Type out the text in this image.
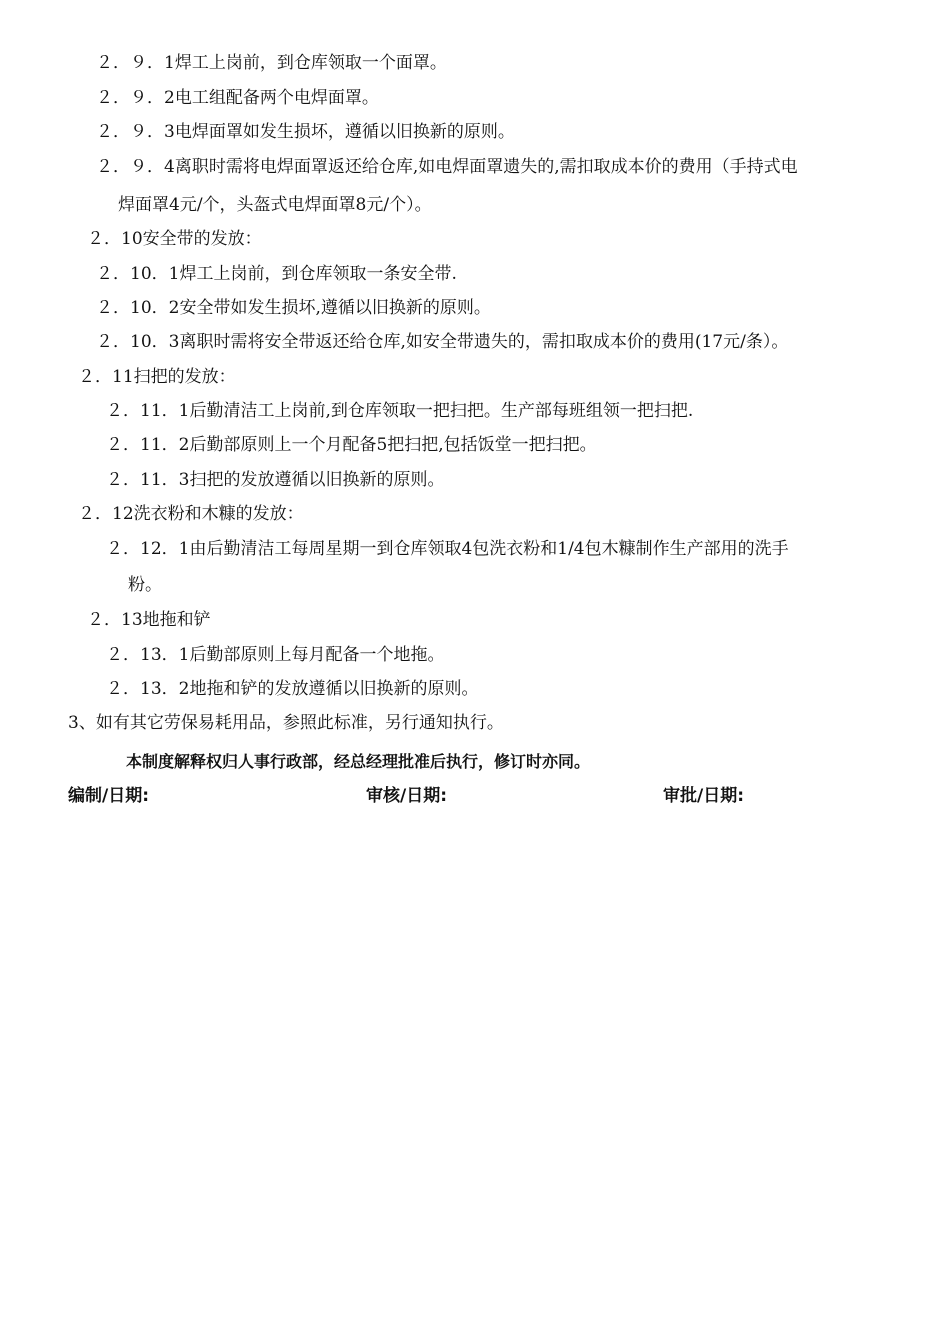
２．９．1焊工上岗前，到仓库领取一个面罩。
２．９．2电工组配备两个电焊面罩。
２．９．3电焊面罩如发生损坏，遵循以旧换新的原则。
２．９．4离职时需将电焊面罩返还给仓库,如电焊面罩遗失的,需扣取成本价的费用（手持式电
焊面罩4元/个，头盔式电焊面罩8元/个）。
２．10安全带的发放：
２．10．1焊工上岗前，到仓库领取一条安全带.
２．10．2安全带如发生损坏,遵循以旧换新的原则。
２．10．3离职时需将安全带返还给仓库,如安全带遗失的，需扣取成本价的费用(17元/条）。
２．11扫把的发放：
２．11．1后勤清洁工上岗前,到仓库领取一把扫把。生产部每班组领一把扫把.
２．11．2后勤部原则上一个月配备5把扫把,包括饭堂一把扫把。
２．11．3扫把的发放遵循以旧换新的原则。
２．12洗衣粉和木糠的发放：
２．12．1由后勤清洁工每周星期一到仓库领取4包洗衣粉和1/4包木糠制作生产部用的洗手
粉。
２．13地拖和铲
２．13．1后勤部原则上每月配备一个地拖。
２．13．2地拖和铲的发放遵循以旧换新的原则。
3、如有其它劳保易耗用品，参照此标准，另行通知执行。
本制度解释权归人事行政部，经总经理批准后执行，修订时亦同。
编制/日期:	审核/日期:	审批/日期:
